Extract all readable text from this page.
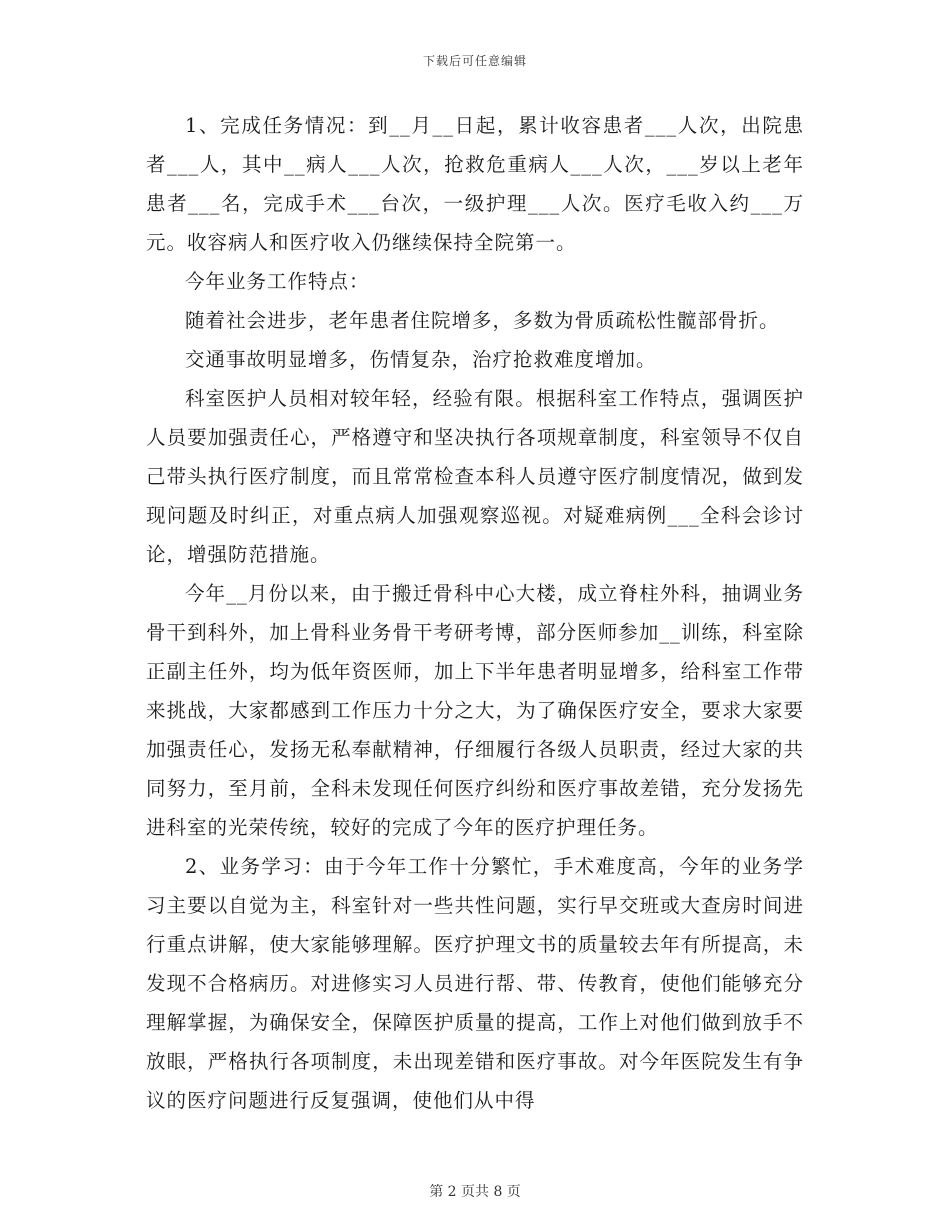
下载后可任意编辑

1、完成任务情况：到__月__日起，累计收容患者___人次，出院患者___人，其中__病人___人次，抢救危重病人___人次，___岁以上老年患者___名，完成手术___台次，一级护理___人次。医疗毛收入约___万元。收容病人和医疗收入仍继续保持全院第一。

今年业务工作特点：

随着社会进步，老年患者住院增多，多数为骨质疏松性髋部骨折。

交通事故明显增多，伤情复杂，治疗抢救难度增加。

科室医护人员相对较年轻，经验有限。根据科室工作特点，强调医护人员要加强责任心，严格遵守和坚决执行各项规章制度，科室领导不仅自己带头执行医疗制度，而且常常检查本科人员遵守医疗制度情况，做到发现问题及时纠正，对重点病人加强观察巡视。对疑难病例___全科会诊讨论，增强防范措施。

今年__月份以来，由于搬迁骨科中心大楼，成立脊柱外科，抽调业务骨干到科外，加上骨科业务骨干考研考博，部分医师参加__训练，科室除正副主任外，均为低年资医师，加上下半年患者明显增多，给科室工作带来挑战，大家都感到工作压力十分之大，为了确保医疗安全，要求大家要加强责任心，发扬无私奉献精神，仔细履行各级人员职责，经过大家的共同努力，至月前，全科未发现任何医疗纠纷和医疗事故差错，充分发扬先进科室的光荣传统，较好的完成了今年的医疗护理任务。

2、业务学习：由于今年工作十分繁忙，手术难度高，今年的业务学习主要以自觉为主，科室针对一些共性问题，实行早交班或大查房时间进行重点讲解，使大家能够理解。医疗护理文书的质量较去年有所提高，未发现不合格病历。对进修实习人员进行帮、带、传教育，使他们能够充分理解掌握，为确保安全，保障医护质量的提高，工作上对他们做到放手不放眼，严格执行各项制度，未出现差错和医疗事故。对今年医院发生有争议的医疗问题进行反复强调，使他们从中得

第 2 页共 8 页
